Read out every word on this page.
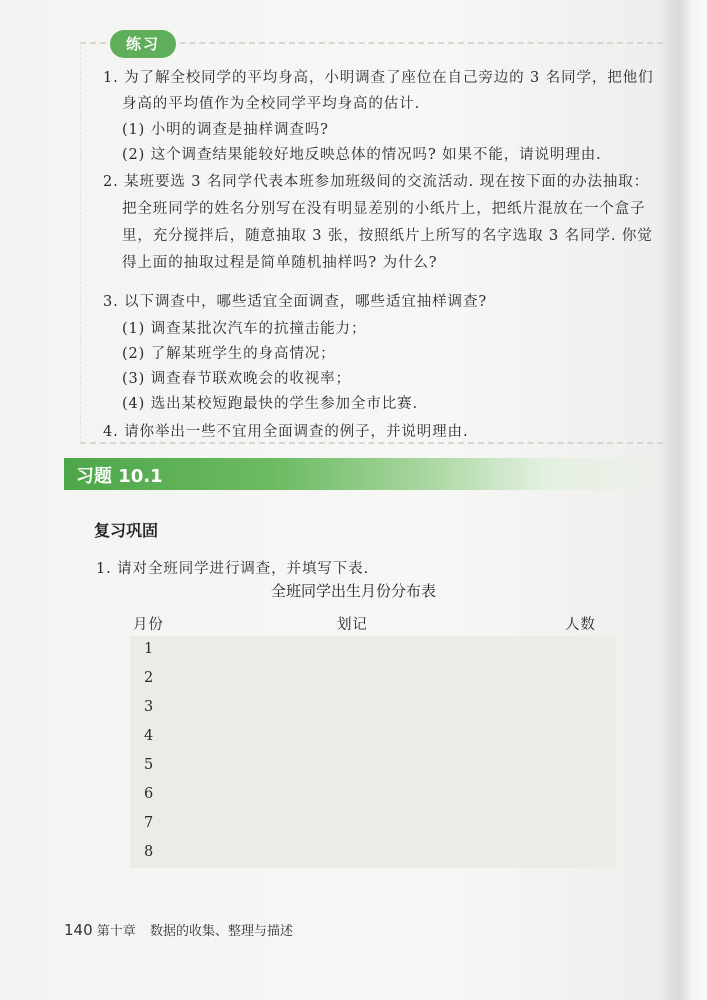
练习
1. 为了解全校同学的平均身高，小明调查了座位在自己旁边的 3 名同学，把他们
身高的平均值作为全校同学平均身高的估计.
(1) 小明的调查是抽样调查吗?
(2) 这个调查结果能较好地反映总体的情况吗? 如果不能，请说明理由.
2. 某班要选 3 名同学代表本班参加班级间的交流活动. 现在按下面的办法抽取：
把全班同学的姓名分别写在没有明显差别的小纸片上，把纸片混放在一个盒子
里，充分搅拌后，随意抽取 3 张，按照纸片上所写的名字选取 3 名同学. 你觉
得上面的抽取过程是简单随机抽样吗? 为什么?
3. 以下调查中，哪些适宜全面调查，哪些适宜抽样调查?
(1) 调查某批次汽车的抗撞击能力；
(2) 了解某班学生的身高情况；
(3) 调查春节联欢晚会的收视率；
(4) 选出某校短跑最快的学生参加全市比赛.
4. 请你举出一些不宜用全面调查的例子，并说明理由.
习题 10.1
复习巩固
1. 请对全班同学进行调查，并填写下表.
全班同学出生月份分布表
月份	划记	人数
1
2
3
4
5
6
7
8
140 第十章 数据的收集、整理与描述
